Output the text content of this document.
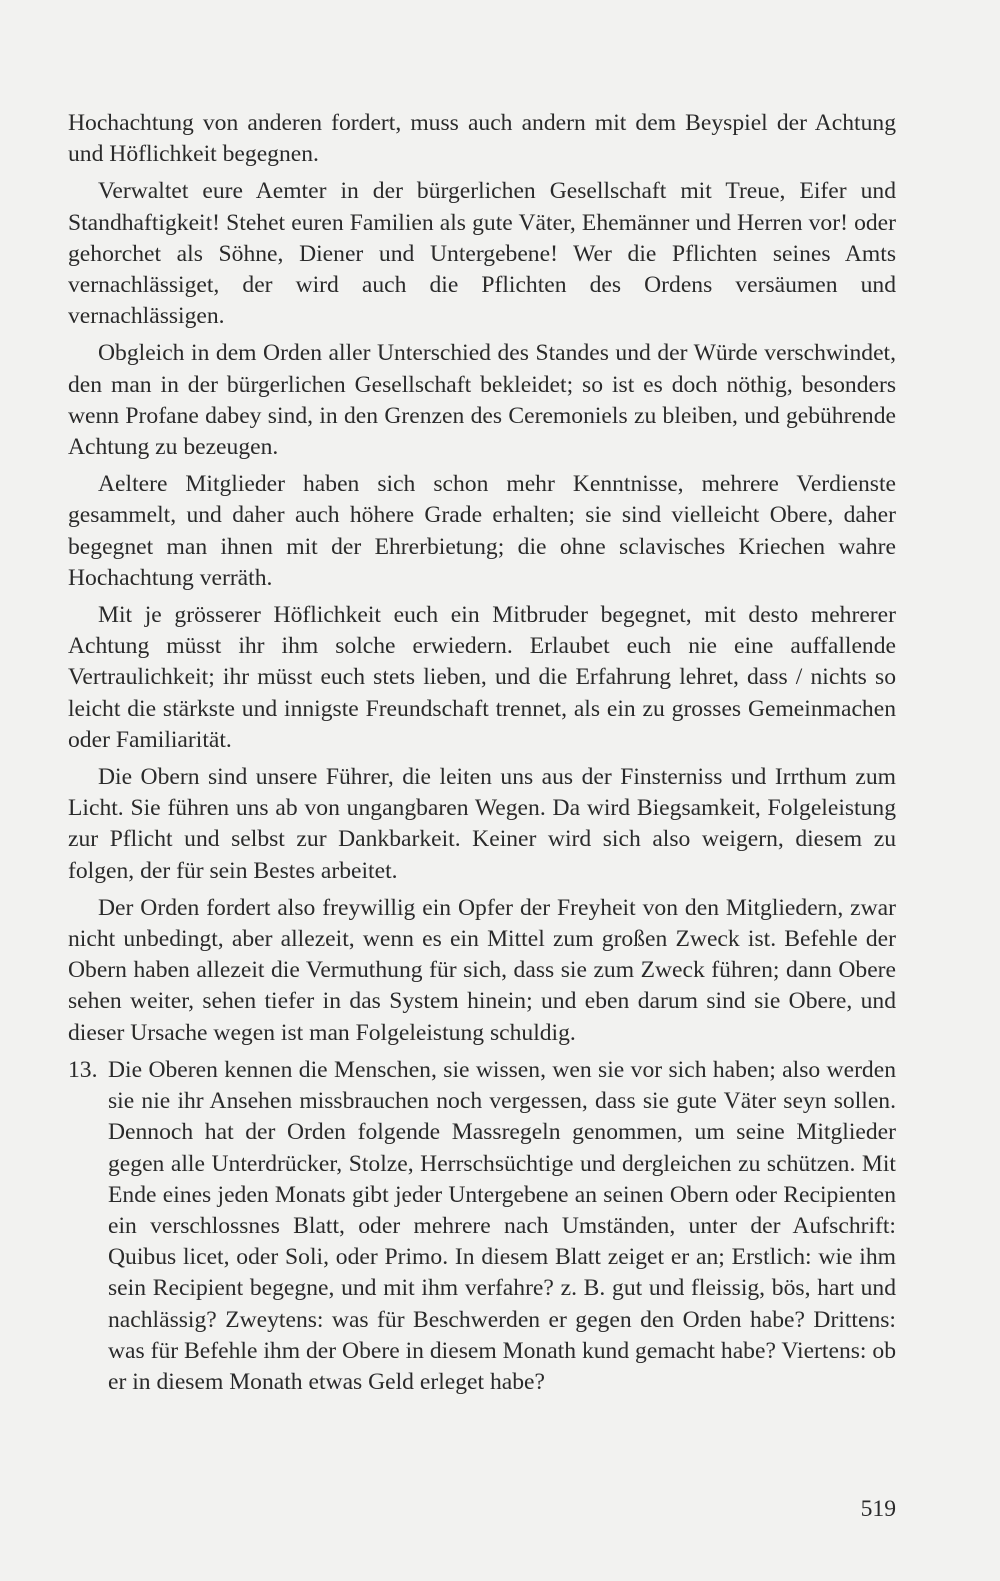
Hochachtung von anderen fordert, muss auch andern mit dem Beyspiel der Achtung und Höflichkeit begegnen.

Verwaltet eure Aemter in der bürgerlichen Gesellschaft mit Treue, Eifer und Standhaftigkeit! Stehet euren Familien als gute Väter, Ehemänner und Herren vor! oder gehorchet als Söhne, Diener und Untergebene! Wer die Pflichten seines Amts vernachlässiget, der wird auch die Pflichten des Ordens versäumen und vernachlässigen.

Obgleich in dem Orden aller Unterschied des Standes und der Würde verschwindet, den man in der bürgerlichen Gesellschaft bekleidet; so ist es doch nöthig, besonders wenn Profane dabey sind, in den Grenzen des Ceremoniels zu bleiben, und gebührende Achtung zu bezeugen.

Aeltere Mitglieder haben sich schon mehr Kenntnisse, mehrere Verdienste gesammelt, und daher auch höhere Grade erhalten; sie sind vielleicht Obere, daher begegnet man ihnen mit der Ehrerbietung; die ohne sclavisches Kriechen wahre Hochachtung verräth.

Mit je grösserer Höflichkeit euch ein Mitbruder begegnet, mit desto mehrerer Achtung müsst ihr ihm solche erwiedern. Erlaubet euch nie eine auffallende Vertraulichkeit; ihr müsst euch stets lieben, und die Erfahrung lehret, dass / nichts so leicht die stärkste und innigste Freundschaft trennet, als ein zu grosses Gemeinmachen oder Familiarität.

Die Obern sind unsere Führer, die leiten uns aus der Finsterniss und Irrthum zum Licht. Sie führen uns ab von ungangbaren Wegen. Da wird Biegsamkeit, Folgeleistung zur Pflicht und selbst zur Dankbarkeit. Keiner wird sich also weigern, diesem zu folgen, der für sein Bestes arbeitet.

Der Orden fordert also freywillig ein Opfer der Freyheit von den Mitgliedern, zwar nicht unbedingt, aber allezeit, wenn es ein Mittel zum großen Zweck ist. Befehle der Obern haben allezeit die Vermuthung für sich, dass sie zum Zweck führen; dann Obere sehen weiter, sehen tiefer in das System hinein; und eben darum sind sie Obere, und dieser Ursache wegen ist man Folgeleistung schuldig.

13. Die Oberen kennen die Menschen, sie wissen, wen sie vor sich haben; also werden sie nie ihr Ansehen missbrauchen noch vergessen, dass sie gute Väter seyn sollen. Dennoch hat der Orden folgende Massregeln genommen, um seine Mitglieder gegen alle Unterdrücker, Stolze, Herrschsüchtige und dergleichen zu schützen. Mit Ende eines jeden Monats gibt jeder Untergebene an seinen Obern oder Recipienten ein verschlossnes Blatt, oder mehrere nach Umständen, unter der Aufschrift: Quibus licet, oder Soli, oder Primo. In diesem Blatt zeiget er an; Erstlich: wie ihm sein Recipient begegne, und mit ihm verfahre? z. B. gut und fleissig, bös, hart und nachlässig? Zweytens: was für Beschwerden er gegen den Orden habe? Drittens: was für Befehle ihm der Obere in diesem Monath kund gemacht habe? Viertens: ob er in diesem Monath etwas Geld erleget habe?
519
